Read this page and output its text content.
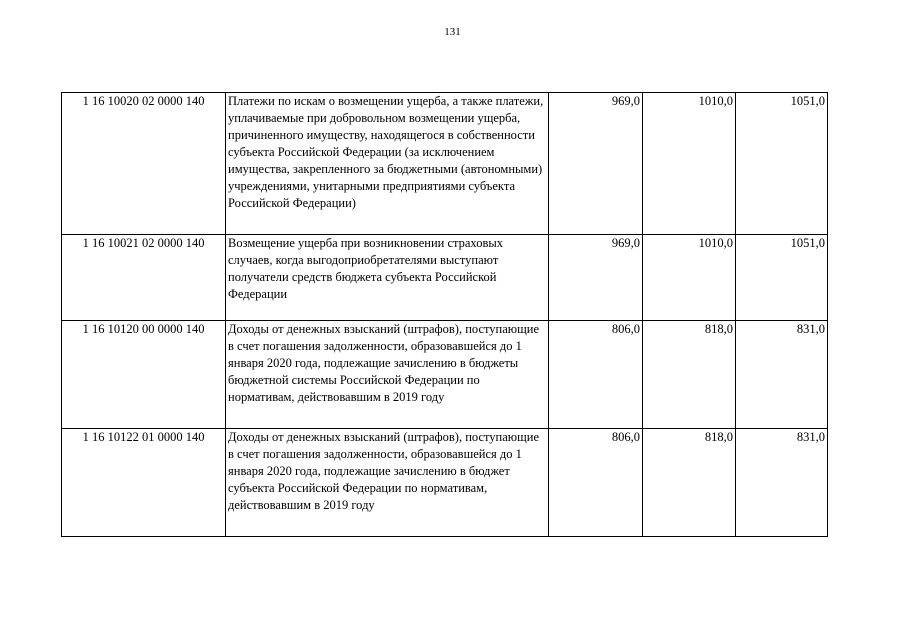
131
1 16 10020 02 0000 140	Платежи по искам о возмещении ущерба, а также платежи, уплачиваемые при добровольном возмещении ущерба, причиненного имуществу, находящегося в собственности субъекта Российской Федерации (за исключением имущества, закрепленного за бюджетными (автономными) учреждениями, унитарными предприятиями субъекта Российской Федерации)	969,0	1010,0	1051,0
1 16 10021 02 0000 140	Возмещение ущерба при возникновении страховых случаев, когда выгодоприобретателями выступают получатели средств бюджета субъекта Российской Федерации	969,0	1010,0	1051,0
1 16 10120 00 0000 140	Доходы от денежных взысканий (штрафов), поступающие в счет погашения задолженности, образовавшейся до 1 января 2020 года, подлежащие зачислению в бюджеты бюджетной системы Российской Федерации по нормативам, действовавшим в 2019 году	806,0	818,0	831,0
1 16 10122 01 0000 140	Доходы от денежных взысканий (штрафов), поступающие в счет погашения задолженности, образовавшейся до 1 января 2020 года, подлежащие зачислению в бюджет субъекта Российской Федерации по нормативам, действовавшим в 2019 году	806,0	818,0	831,0
